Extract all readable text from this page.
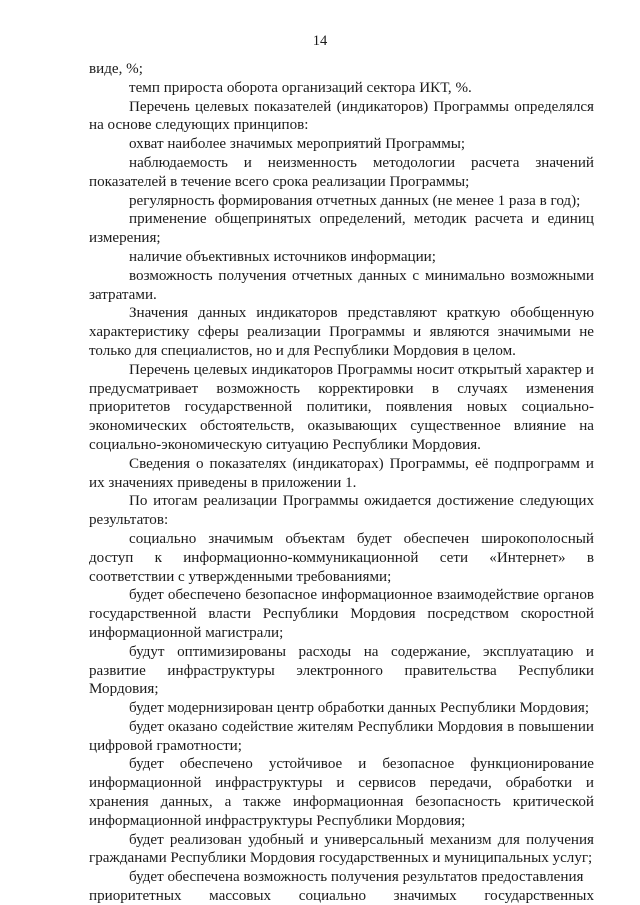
14

виде, %;

темп прироста оборота организаций сектора ИКТ, %.

Перечень целевых показателей (индикаторов) Программы определялся на основе следующих принципов:

охват наиболее значимых мероприятий Программы;

наблюдаемость и неизменность методологии расчета значений показателей в течение всего срока реализации Программы;

регулярность формирования отчетных данных (не менее 1 раза в год);

применение общепринятых определений, методик расчета и единиц измерения;

наличие объективных источников информации;

возможность получения отчетных данных с минимально возможными затратами.

Значения данных индикаторов представляют краткую обобщенную характеристику сферы реализации Программы и являются значимыми не только для специалистов, но и для Республики Мордовия в целом.

Перечень целевых индикаторов Программы носит открытый характер и предусматривает возможность корректировки в случаях изменения приоритетов государственной политики, появления новых социально-экономических обстоятельств, оказывающих существенное влияние на социально-экономическую ситуацию Республики Мордовия.

Сведения о показателях (индикаторах) Программы, её подпрограмм и их значениях приведены в приложении 1.

По итогам реализации Программы ожидается достижение следующих результатов:

социально значимым объектам будет обеспечен широкополосный доступ к информационно-коммуникационной сети «Интернет» в соответствии с утвержденными требованиями;

будет обеспечено безопасное информационное взаимодействие органов государственной власти Республики Мордовия посредством скоростной информационной магистрали;

будут оптимизированы расходы на содержание, эксплуатацию и развитие инфраструктуры электронного правительства Республики Мордовия;

будет модернизирован центр обработки данных Республики Мордовия;

будет оказано содействие жителям Республики Мордовия в повышении цифровой грамотности;

будет обеспечено устойчивое и безопасное функционирование информационной инфраструктуры и сервисов передачи, обработки и хранения данных, а также информационная безопасность критической информационной инфраструктуры Республики Мордовия;

будет реализован удобный и универсальный механизм для получения гражданами Республики Мордовия государственных и муниципальных услуг;

будет обеспечена возможность получения результатов предоставления

приоритетных массовых социально значимых государственных
